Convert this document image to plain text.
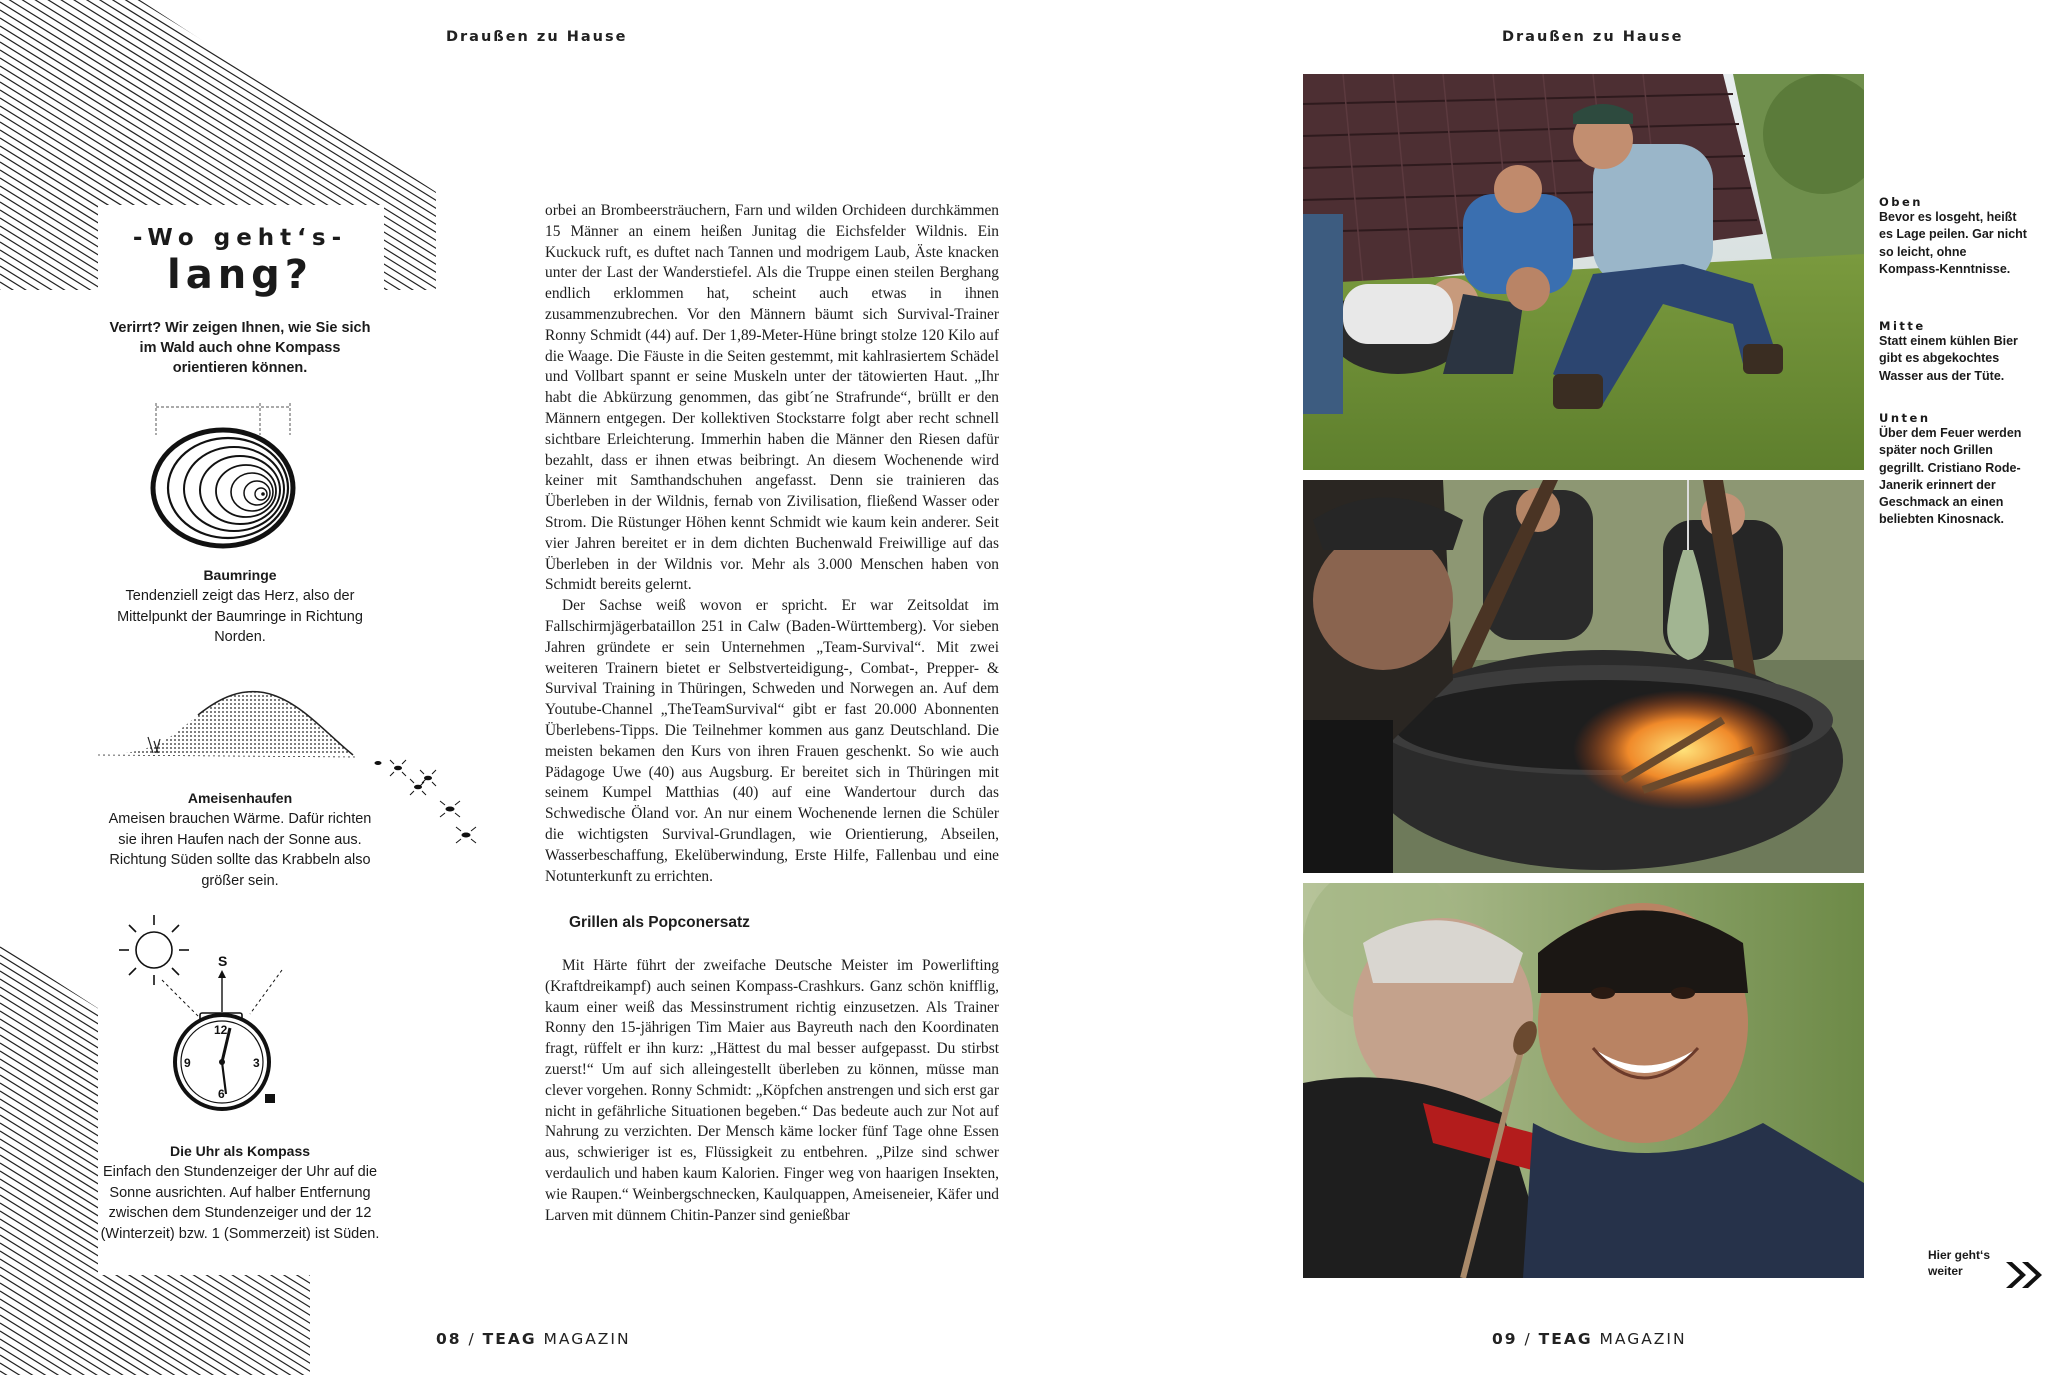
Draußen zu Hause
-Wo geht‘s-
lang?
Verirrt? Wir zeigen Ihnen, wie Sie sich im Wald auch ohne Kompass orientieren können.
Baumringe
Tendenziell zeigt das Herz, also der Mittelpunkt der Baumringe in Richtung Norden.
Ameisenhaufen
Ameisen brauchen Wärme. Dafür richten sie ihren Haufen nach der Sonne aus. Richtung Süden sollte das Krabbeln also größer sein.
S
12
3
6
9
Die Uhr als Kompass
Einfach den Stundenzeiger der Uhr auf die Sonne ausrichten. Auf halber Entfernung zwischen dem Stundenzeiger und der 12 (Winterzeit) bzw. 1 (Sommerzeit) ist Süden.

orbei an Brombeersträuchern, Farn und wilden Orchideen durchkämmen 15 Männer an einem heißen Junitag die Eichsfelder Wildnis. Ein Kuckuck ruft, es duftet nach Tannen und modrigem Laub, Äste knacken unter der Last der Wanderstiefel. Als die Truppe einen steilen Berghang endlich erklommen hat, scheint auch etwas in ihnen zusammenzubrechen. Vor den Männern bäumt sich Survival-Trainer Ronny Schmidt (44) auf. Der 1,89-Meter-Hüne bringt stolze 120 Kilo auf die Waage. Die Fäuste in die Seiten gestemmt, mit kahlrasiertem Schädel und Vollbart spannt er seine Muskeln unter der tätowierten Haut. „Ihr habt die Abkürzung genommen, das gibt´ne Strafrunde“, brüllt er den Männern entgegen. Der kollektiven Stockstarre folgt aber recht schnell sichtbare Erleichterung. Immerhin haben die Männer den Riesen dafür bezahlt, dass er ihnen etwas beibringt. An diesem Wochenende wird keiner mit Samthandschuhen angefasst. Denn sie trainieren das Überleben in der Wildnis, fernab von Zivilisation, fließend Wasser oder Strom. Die Rüstunger Höhen kennt Schmidt wie kaum kein anderer. Seit vier Jahren bereitet er in dem dichten Buchenwald Freiwillige auf das Überleben in der Wildnis vor. Mehr als 3.000 Menschen haben von Schmidt bereits gelernt.

Der Sachse weiß wovon er spricht. Er war Zeitsoldat im Fallschirmjägerbataillon 251 in Calw (Baden-Württemberg). Vor sieben Jahren gründete er sein Unternehmen „Team-Survival“. Mit zwei weiteren Trainern bietet er Selbstverteidigung-, Combat-, Prepper- & Survival Training in Thüringen, Schweden und Norwegen an. Auf dem Youtube-Channel „TheTeamSurvival“ gibt er fast 20.000 Abonnenten Überlebens-Tipps. Die Teilnehmer kommen aus ganz Deutschland. Die meisten bekamen den Kurs von ihren Frauen geschenkt. So wie auch Pädagoge Uwe (40) aus Augsburg. Er bereitet sich in Thüringen mit seinem Kumpel Matthias (40) auf eine Wandertour durch das Schwedische Öland vor. An nur einem Wochenende lernen die Schüler die wichtigsten Survival-Grundlagen, wie Orientierung, Abseilen, Wasserbeschaffung, Ekelüberwindung, Erste Hilfe, Fallenbau und eine Notunterkunft zu errichten.

Grillen als Popconersatz

Mit Härte führt der zweifache Deutsche Meister im Powerlifting (Kraftdreikampf) auch seinen Kompass-Crashkurs. Ganz schön knifflig, kaum einer weiß das Messinstrument richtig einzusetzen. Als Trainer Ronny den 15-jährigen Tim Maier aus Bayreuth nach den Koordinaten fragt, rüffelt er ihn kurz: „Hättest du mal besser aufgepasst. Du stirbst zuerst!“ Um auf sich alleingestellt überleben zu können, müsse man clever vorgehen. Ronny Schmidt: „Köpfchen anstrengen und sich erst gar nicht in gefährliche Situationen begeben.“ Das bedeute auch zur Not auf Nahrung zu verzichten. Der Mensch käme locker fünf Tage ohne Essen aus, schwieriger ist es, Flüssigkeit zu entbehren. „Pilze sind schwer verdaulich und haben kaum Kalorien. Finger weg von haarigen Insekten, wie Raupen.“ Weinbergschnecken, Kaulquappen, Ameiseneier, Käfer und Larven mit dünnem Chitin-Panzer sind genießbar

08 / TEAG MAGAZIN
Draußen zu Hause
Oben
Bevor es losgeht, heißt es Lage peilen. Gar nicht so leicht, ohne Kompass-Kenntnisse.
Mitte
Statt einem kühlen Bier gibt es abgekochtes Wasser aus der Tüte.
Unten
Über dem Feuer werden später noch Grillen gegrillt. Cristiano Rode-Janerik erinnert der Geschmack an einen beliebten Kinosnack.
Hier geht‘s weiter
09 / TEAG MAGAZIN
